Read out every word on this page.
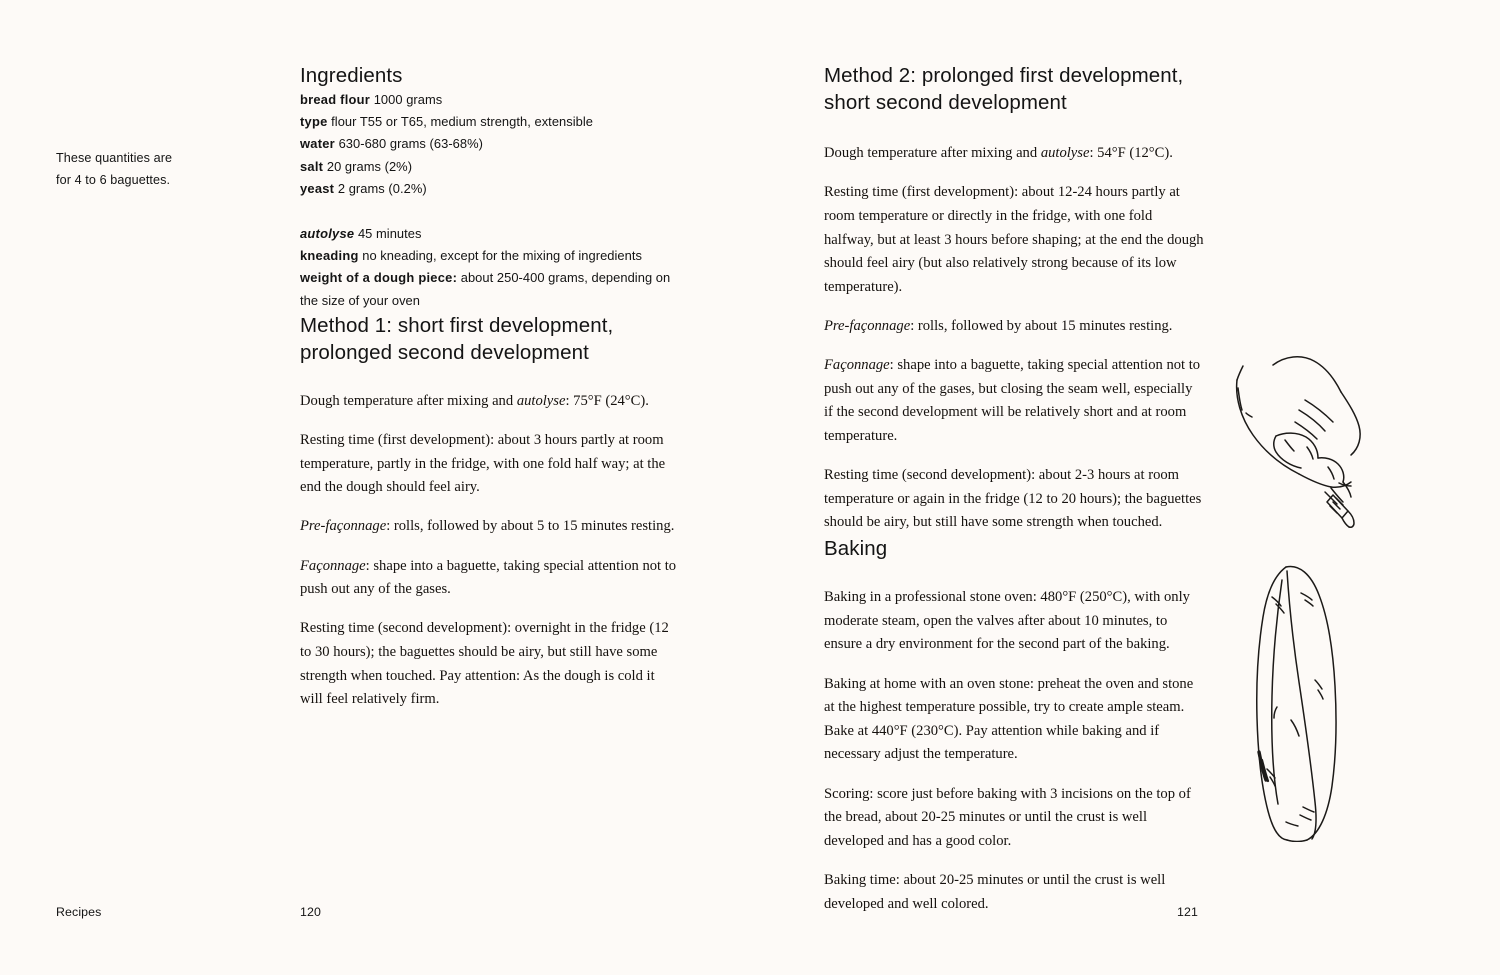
These quantities are
for 4 to 6 baguettes.
Ingredients
bread flour 1000 grams
type flour T55 or T65, medium strength, extensible
water 630-680 grams (63-68%)
salt 20 grams (2%)
yeast 2 grams (0.2%)
autolyse 45 minutes
kneading no kneading, except for the mixing of ingredients
weight of a dough piece: about 250-400 grams, depending on the size of your oven
Method 1: short first development,
prolonged second development

Dough temperature after mixing and autolyse: 75°F (24°C).

Resting time (first development): about 3 hours partly at room temperature, partly in the fridge, with one fold half way; at the end the dough should feel airy.

Pre-façonnage: rolls, followed by about 5 to 15 minutes resting.

Façonnage: shape into a baguette, taking special attention not to push out any of the gases.

Resting time (second development): overnight in the fridge (12 to 30 hours); the baguettes should be airy, but still have some strength when touched. Pay attention: As the dough is cold it will feel relatively firm.

Method 2: prolonged first development,
short second development

Dough temperature after mixing and autolyse: 54°F (12°C).

Resting time (first development): about 12-24 hours partly at room temperature or directly in the fridge, with one fold halfway, but at least 3 hours before shaping; at the end the dough should feel airy (but also relatively strong because of its low temperature).

Pre-façonnage: rolls, followed by about 15 minutes resting.

Façonnage: shape into a baguette, taking special attention not to push out any of the gases, but closing the seam well, especially if the second development will be relatively short and at room temperature.

Resting time (second development): about 2-3 hours at room temperature or again in the fridge (12 to 20 hours); the baguettes should be airy, but still have some strength when touched.

Baking

Baking in a professional stone oven: 480°F (250°C), with only moderate steam, open the valves after about 10 minutes, to ensure a dry environment for the second part of the baking.

Baking at home with an oven stone: preheat the oven and stone at the highest temperature possible, try to create ample steam. Bake at 440°F (230°C). Pay attention while baking and if necessary adjust the temperature.

Scoring: score just before baking with 3 incisions on the top of the bread, about 20-25 minutes or until the crust is well developed and has a good color.

Baking time: about 20-25 minutes or until the crust is well developed and well colored.

Recipes	120	121
